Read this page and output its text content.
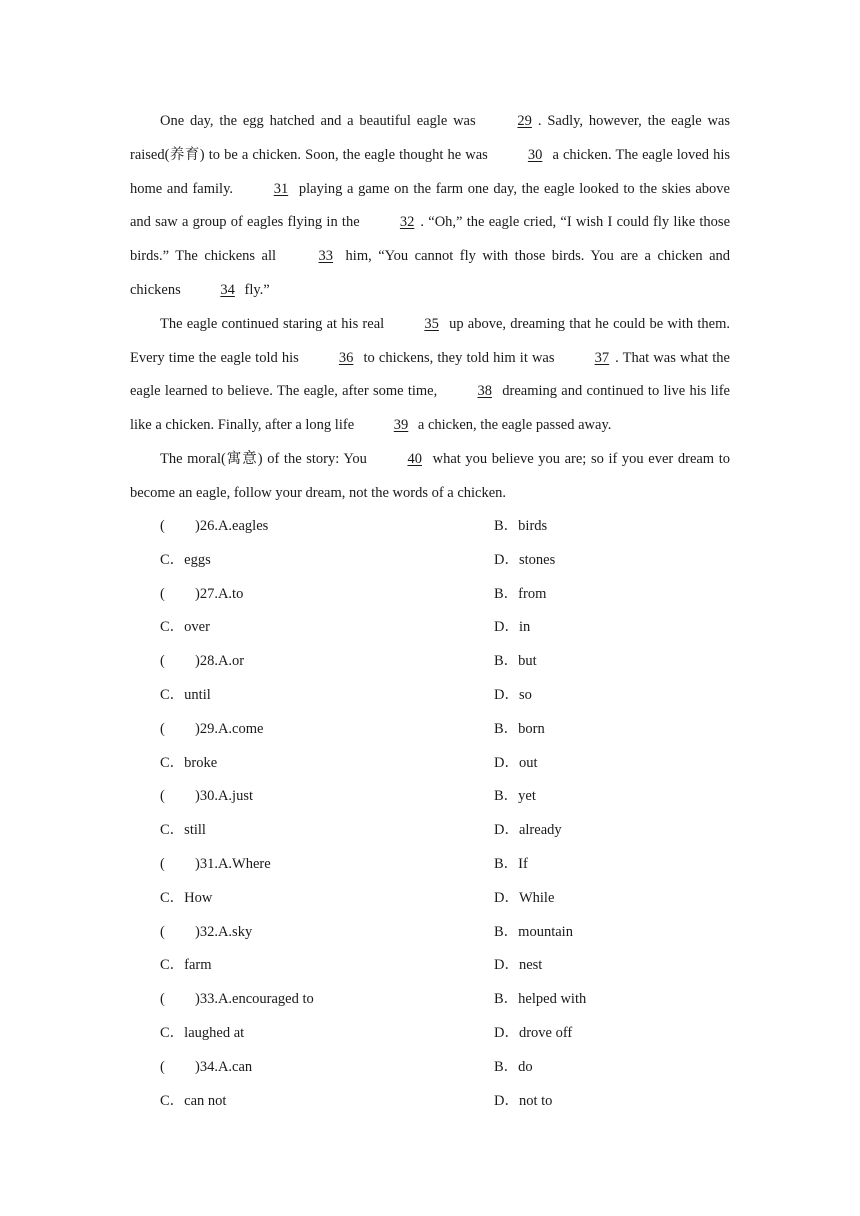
One day, the egg hatched and a beautiful eagle was 29 . Sadly, however, the eagle was raised(养育) to be a chicken. Soon, the eagle thought he was 30 a chicken. The eagle loved his home and family. 31 playing a game on the farm one day, the eagle looked to the skies above and saw a group of eagles flying in the 32 . “Oh,” the eagle cried, “I wish I could fly like those birds.” The chickens all 33 him, “You cannot fly with those birds. You are a chicken and chickens 34 fly.”

The eagle continued staring at his real 35 up above, dreaming that he could be with them. Every time the eagle told his 36 to chickens, they told him it was 37 . That was what the eagle learned to believe. The eagle, after some time, 38 dreaming and continued to live his life like a chicken. Finally, after a long life 39 a chicken, the eagle passed away.

The moral(寓意) of the story: You 40 what you believe you are; so if you ever dream to become an eagle, follow your dream, not the words of a chicken.

( )26.A.eagles	B．birds
C．eggs	D．stones
( )27.A.to	B．from
C．over	D．in
( )28.A.or	B．but
C．until	D．so
( )29.A.come	B．born
C．broke	D．out
( )30.A.just	B．yet
C．still	D．already
( )31.A.Where	B．If
C．How	D．While
( )32.A.sky	B．mountain
C．farm	D．nest
( )33.A.encouraged to	B．helped with
C．laughed at	D．drove off
( )34.A.can	B．do
C．can not	D．not to
